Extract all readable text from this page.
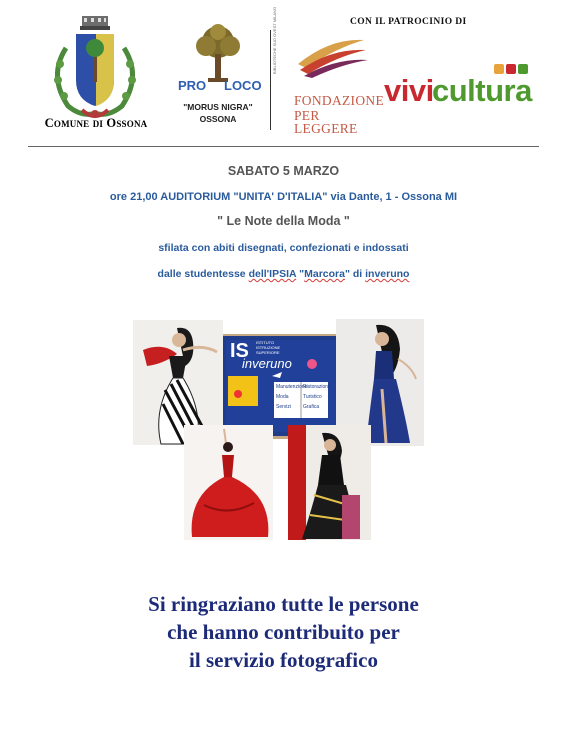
Comune di Ossona
PRO LOCO
"MORUS NIGRA"
OSSONA
CON IL PATROCINIO DI
BIBLIOTECHE SUD OVEST MILANO
FONDAZIONE
PER LEGGERE
vivi
cultura
SABATO 5 MARZO
ore 21,00 AUDITORIUM "UNITA' D'ITALIA" via Dante, 1 - Ossona MI
" Le Note della Moda "
sfilata con abiti disegnati, confezionati e indossati
dalle studentesse dell'IPSIA "Marcora" di inveruno
IS ISTITUTO
ISTRUZIONE
SUPERIORE
inveruno
Manutenzione
Moda
Servizi
Ristorazione
Turistico
Grafica
Si ringraziano tutte le persone
che hanno contribuito per
il servizio fotografico
